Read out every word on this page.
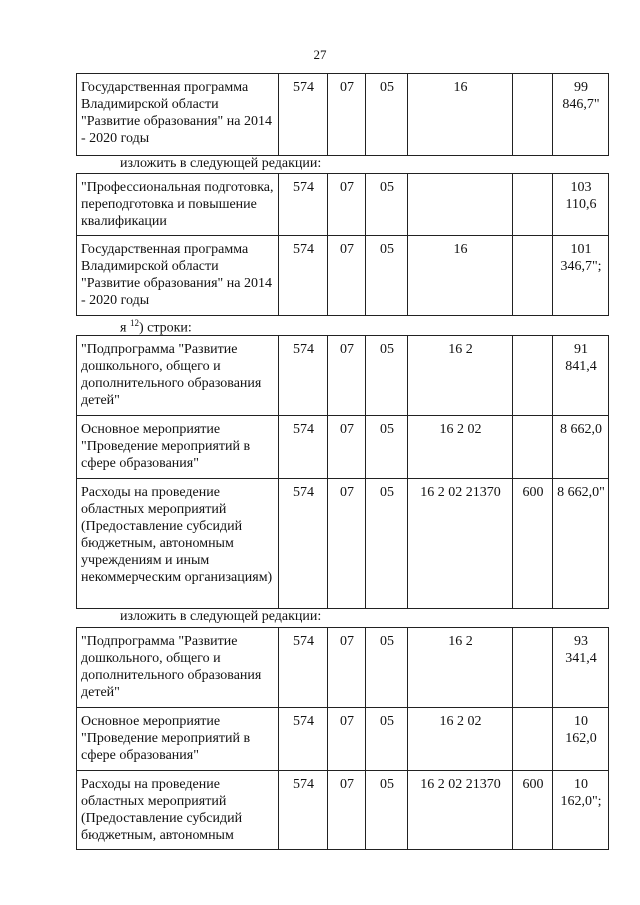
27
Государственная программа Владимирской области "Развитие образования" на 2014 - 2020 годы	574	07	05	16		99 846,7"
изложить в следующей редакции:
"Профессиональная подготовка, переподготовка и повышение квалификации	574	07	05			103 110,6
Государственная программа Владимирской области "Развитие образования" на 2014 - 2020 годы	574	07	05	16		101 346,7";
я $^{12}$) строки:
"Подпрограмма "Развитие дошкольного, общего и дополнительного образования детей"	574	07	05	16 2		91 841,4
Основное мероприятие "Проведение мероприятий в сфере образования"	574	07	05	16 2 02		8 662,0
Расходы на проведение областных мероприятий (Предоставление субсидий бюджетным, автономным учреждениям и иным некоммерческим организациям)	574	07	05	16 2 02 21370	600	8 662,0"
изложить в следующей редакции:
"Подпрограмма "Развитие дошкольного, общего и дополнительного образования детей"	574	07	05	16 2		93 341,4
Основное мероприятие "Проведение мероприятий в сфере образования"	574	07	05	16 2 02		10 162,0
Расходы на проведение областных мероприятий (Предоставление субсидий бюджетным, автономным	574	07	05	16 2 02 21370	600	10 162,0";
